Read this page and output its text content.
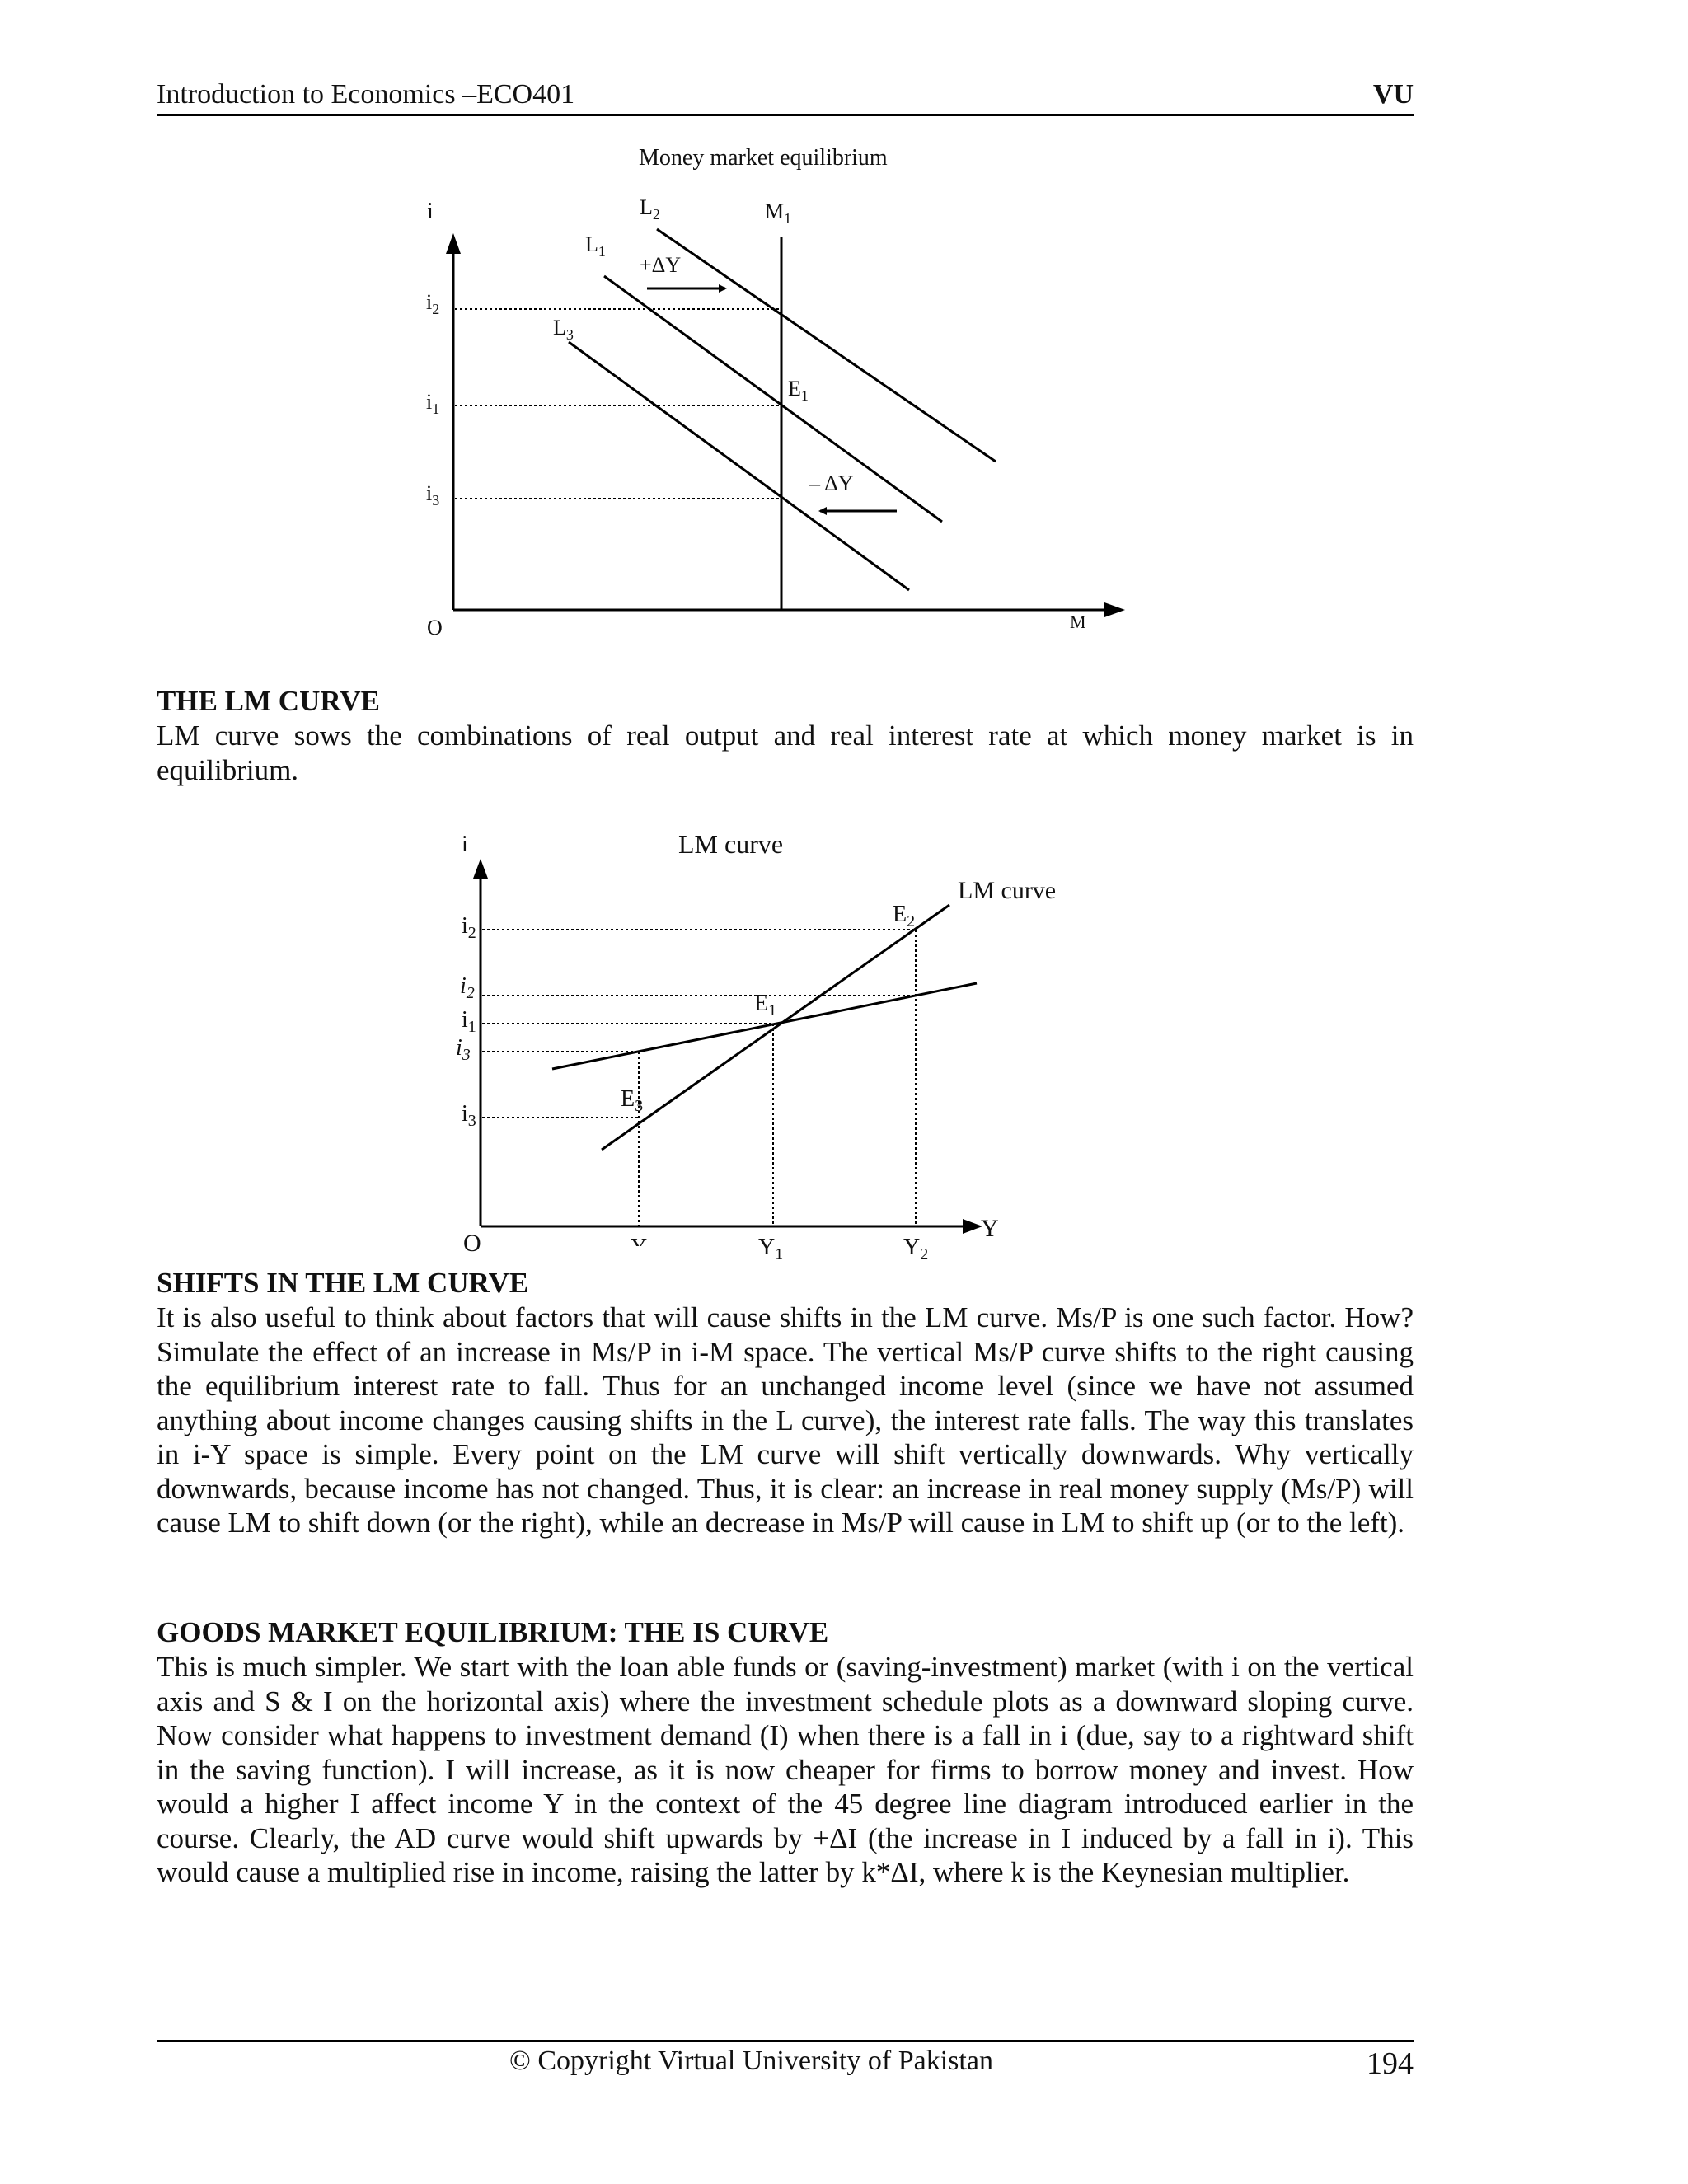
Introduction to Economics –ECO401	VU
Money market equilibrium
i
O	M
$i_2$
$i_1$
$i_3$
$M_1$
$L_2$
$L_1$
$L_3$
$E_1$
+ΔY
– ΔY
THE LM CURVE

LM curve sows the combinations of real output and real interest rate at which money market is in equilibrium.

LM curve
i
Y
O
$i_2$
$i_2$
$i_1$
$i_3$
$i_3$
LM curve
$E_2$
$E_1$
$E_3$
$Y_1$	$Y_2$
SHIFTS IN THE LM CURVE

It is also useful to think about factors that will cause shifts in the LM curve. Ms/P is one such factor. How? Simulate the effect of an increase in Ms/P in i-M space. The vertical Ms/P curve shifts to the right causing the equilibrium interest rate to fall. Thus for an unchanged income level (since we have not assumed anything about income changes causing shifts in the L curve), the interest rate falls. The way this translates in i-Y space is simple. Every point on the LM curve will shift vertically downwards. Why vertically downwards, because income has not changed. Thus, it is clear: an increase in real money supply (Ms/P) will cause LM to shift down (or the right), while an decrease in Ms/P will cause in LM to shift up (or to the left).

GOODS MARKET EQUILIBRIUM: THE IS CURVE

This is much simpler. We start with the loan able funds or (saving-investment) market (with i on the vertical axis and S & I on the horizontal axis) where the investment schedule plots as a downward sloping curve. Now consider what happens to investment demand (I) when there is a fall in i (due, say to a rightward shift in the saving function). I will increase, as it is now cheaper for firms to borrow money and invest. How would a higher I affect income Y in the context of the 45 degree line diagram introduced earlier in the course. Clearly, the AD curve would shift upwards by +ΔI (the increase in I induced by a fall in i). This would cause a multiplied rise in income, raising the latter by k*ΔI, where k is the Keynesian multiplier.

© Copyright Virtual University of Pakistan	194
